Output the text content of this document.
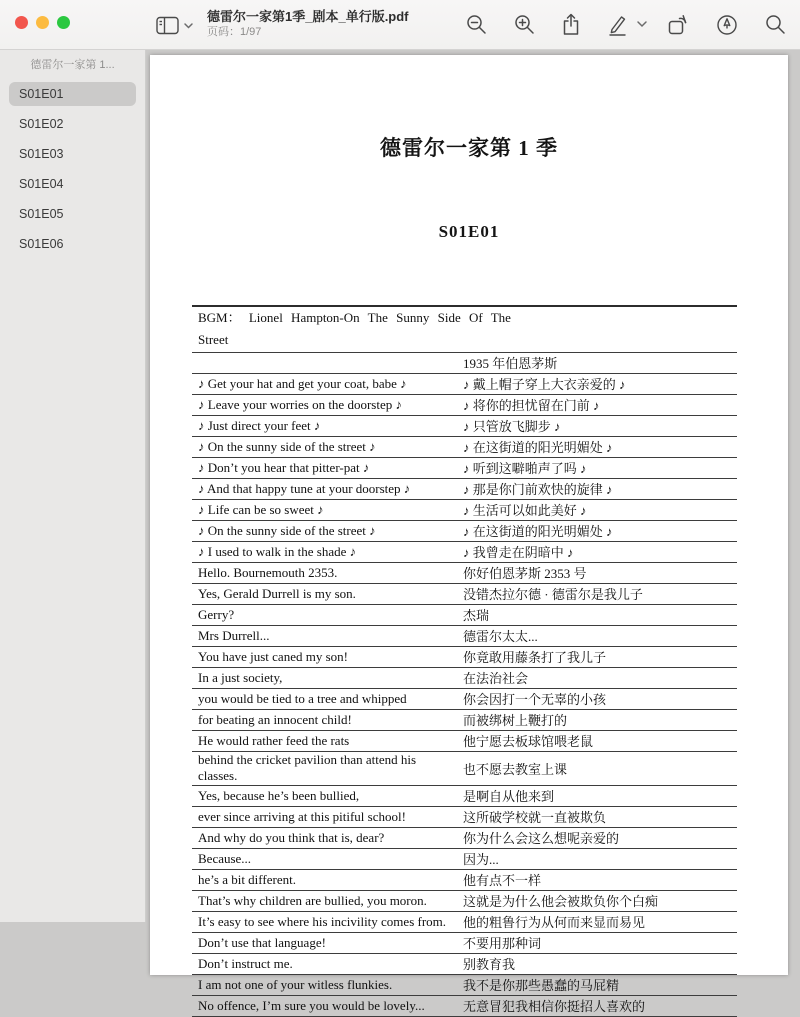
德雷尔一家第1季_剧本_单行版.pdf
页码：1/97
德雷尔一家第 1...
S01E01
S01E02
S01E03
S01E04
S01E05
S01E06
德雷尔一家第 1 季
S01E01
BGM： Lionel Hampton-On The Sunny Side Of The
Street	

	1935 年伯恩茅斯
♪ Get your hat and get your coat, babe ♪	♪ 戴上帽子穿上大衣亲爱的 ♪
♪ Leave your worries on the doorstep ♪	♪ 将你的担忧留在门前 ♪
♪ Just direct your feet ♪	♪ 只管放飞脚步 ♪
♪ On the sunny side of the street ♪	♪ 在这街道的阳光明媚处 ♪
♪ Don’t you hear that pitter-pat ♪	♪ 听到这噼啪声了吗 ♪
♪ And that happy tune at your doorstep ♪	♪ 那是你门前欢快的旋律 ♪
♪ Life can be so sweet ♪	♪ 生活可以如此美好 ♪
♪ On the sunny side of the street ♪	♪ 在这街道的阳光明媚处 ♪
♪ I used to walk in the shade ♪	♪ 我曾走在阴暗中 ♪
Hello. Bournemouth 2353.	你好伯恩茅斯 2353 号
Yes, Gerald Durrell is my son.	没错杰拉尔德 · 德雷尔是我儿子
Gerry?	杰瑞
Mrs Durrell...	德雷尔太太...
You have just caned my son!	你竟敢用藤条打了我儿子
In a just society,	在法治社会
you would be tied to a tree and whipped	你会因打一个无辜的小孩
for beating an innocent child!	而被绑树上鞭打的
He would rather feed the rats	他宁愿去板球馆喂老鼠
behind the cricket pavilion than attend his classes.	也不愿去教室上课
Yes, because he’s been bullied,	是啊自从他来到
ever since arriving at this pitiful school!	这所破学校就一直被欺负
And why do you think that is, dear?	你为什么会这么想呢亲爱的
Because...	因为...
he’s a bit different.	他有点不一样
That’s why children are bullied, you moron.	这就是为什么他会被欺负你个白痴
It’s easy to see where his incivility comes from.	他的粗鲁行为从何而来显而易见
Don’t use that language!	不要用那种词
Don’t instruct me.	别教育我
I am not one of your witless flunkies.	我不是你那些愚蠢的马屁精
No offence, I’m sure you would be lovely...	无意冒犯我相信你挺招人喜欢的
